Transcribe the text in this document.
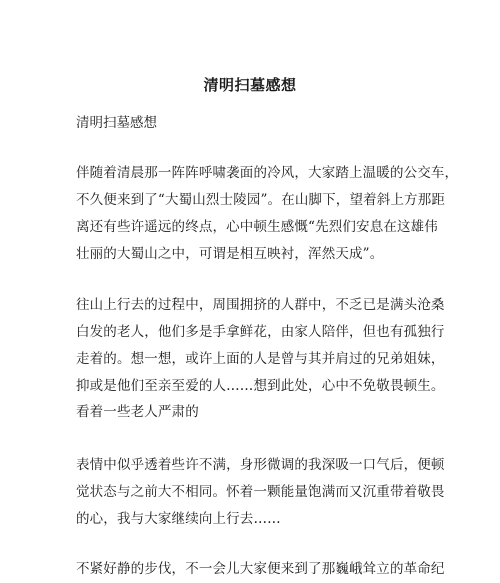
清明扫墓感想

清明扫墓感想

伴随着清晨那一阵阵呼啸袭面的冷风，大家踏上温暖的公交车，
不久便来到了“大蜀山烈士陵园”。在山脚下，望着斜上方那距
离还有些许遥远的终点，心中顿生感慨“先烈们安息在这雄伟
壮丽的大蜀山之中，可谓是相互映衬，浑然天成”。
往山上行去的过程中，周围拥挤的人群中，不乏已是满头沧桑
白发的老人，他们多是手拿鲜花，由家人陪伴，但也有孤独行
走着的。想一想，或许上面的人是曾与其并肩过的兄弟姐妹，
抑或是他们至亲至爱的人……想到此处，心中不免敬畏顿生。
看着一些老人严肃的
表情中似乎透着些许不满，身形微调的我深吸一口气后，便顿
觉状态与之前大不相同。怀着一颗能量饱满而又沉重带着敬畏
的心，我与大家继续向上行去……
不紧好静的步伐，不一会儿大家便来到了那巍峨耸立的革命纪
